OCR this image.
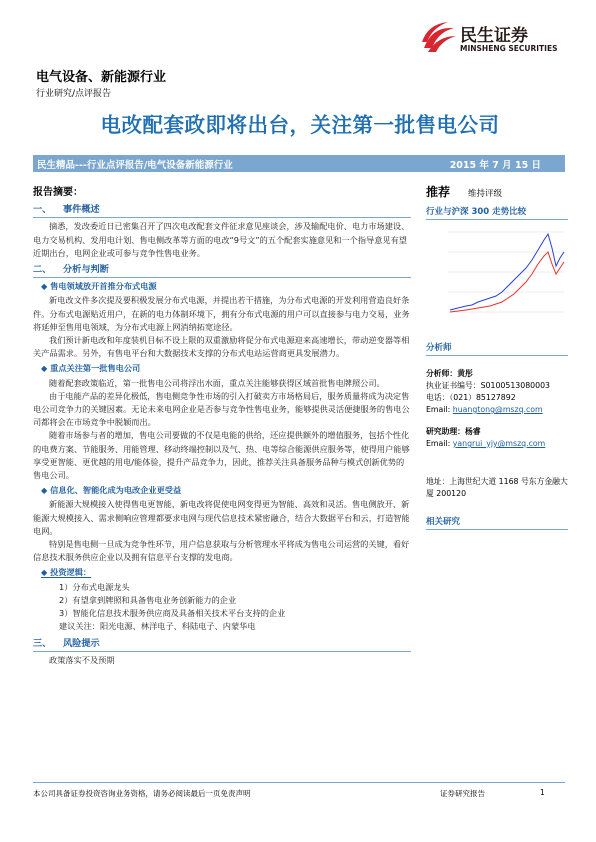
民生证券
MINSHENG SECURITIES
电气设备、新能源行业
行业研究/点评报告
电改配套政即将出台，关注第一批售电公司
民生精品---行业点评报告/电气设备新能源行业	2015 年 7 月 15 日
报告摘要：
一、 事件概述
摘悉，发改委近日已密集召开了四次电改配套文件征求意见座谈会，涉及输配电价、电力市场建设、电力交易机构、发用电计划、售电侧改革等方面的电改“9号文”的五个配套实施意见和一个指导意见有望近期出台，电网企业或可参与竞争性售电业务。
二、 分析与判断
◆ 售电领域放开首推分布式电源
新电改文件多次提及要积极发展分布式电源，并提出若干措施，为分布式电源的开发利用营造良好条件。分布式电源贴近用户，在新的电力体制环境下，拥有分布式电源的用户可以直接参与电力交易，业务将延伸至售用电领域，为分布式电源上网消纳拓宽途径。
我们预计新电改和年度装机目标不设上限的双重激励将促分布式电源迎来高速增长，带动逆变器等相关产品需求。另外，有售电平台和大数据技术支撑的分布式电站运营商更具发展潜力。
◆ 重点关注第一批售电公司
随着配套政策临近，第一批售电公司将浮出水面，重点关注能够获得区域首批售电牌照公司。
由于电能产品的差异化极低，售电侧竞争性市场的引入打破卖方市场格局后，服务质量将成为决定售电公司竞争力的关键因素。无论未来电网企业是否参与竞争性售电业务，能够提供灵活便捷服务的售电公司都将会在市场竞争中脱颖而出。
随着市场参与者的增加，售电公司要做的不仅是电能的供给，还应提供额外的增值服务，包括个性化的电费方案、节能服务、用能管理、移动终端控制以及气、热、电等综合能源供应服务等，使得用户能够享受更智能、更优越的用电/能体验，提升产品竞争力，因此，推荐关注具备服务品种与模式创新优势的售电公司。
◆ 信息化、智能化成为电改企业更受益
新能源大规模接入使得售电更智能，新电改将促使电网变得更为智能、高效和灵活。售电侧放开、新能源大规模接入、需求侧响应管理都要求电网与现代信息技术紧密融合，结合大数据平台和云，打造智能电网。
特别是售电侧一旦成为竞争性环节，用户信息获取与分析管理水平将成为售电公司运营的关键，看好信息技术服务供应企业以及拥有信息平台支撑的发电商。
◆ 投资逻辑：
1）分布式电源龙头
2）有望拿到牌照和具备售电业务创新能力的企业
3）智能化信息技术服务供应商及具备相关技术平台支持的企业
建议关注：阳光电源、林洋电子、科陆电子、内蒙华电
三、 风险提示
政策落实不及预期
推荐 维持评级
行业与沪深 300 走势比较
分析师
分析师：黄彤
执业证书编号：S0100513080003
电话：（021）85127892
Email: huangtong@mszq.com
研究助理：杨睿
Email: yangrui_yjy@mszq.com
地址：上海世纪大道 1168 号东方金融大厦 200120
相关研究
本公司具备证券投资咨询业务资格，请务必阅读最后一页免责声明	证券研究报告	1
